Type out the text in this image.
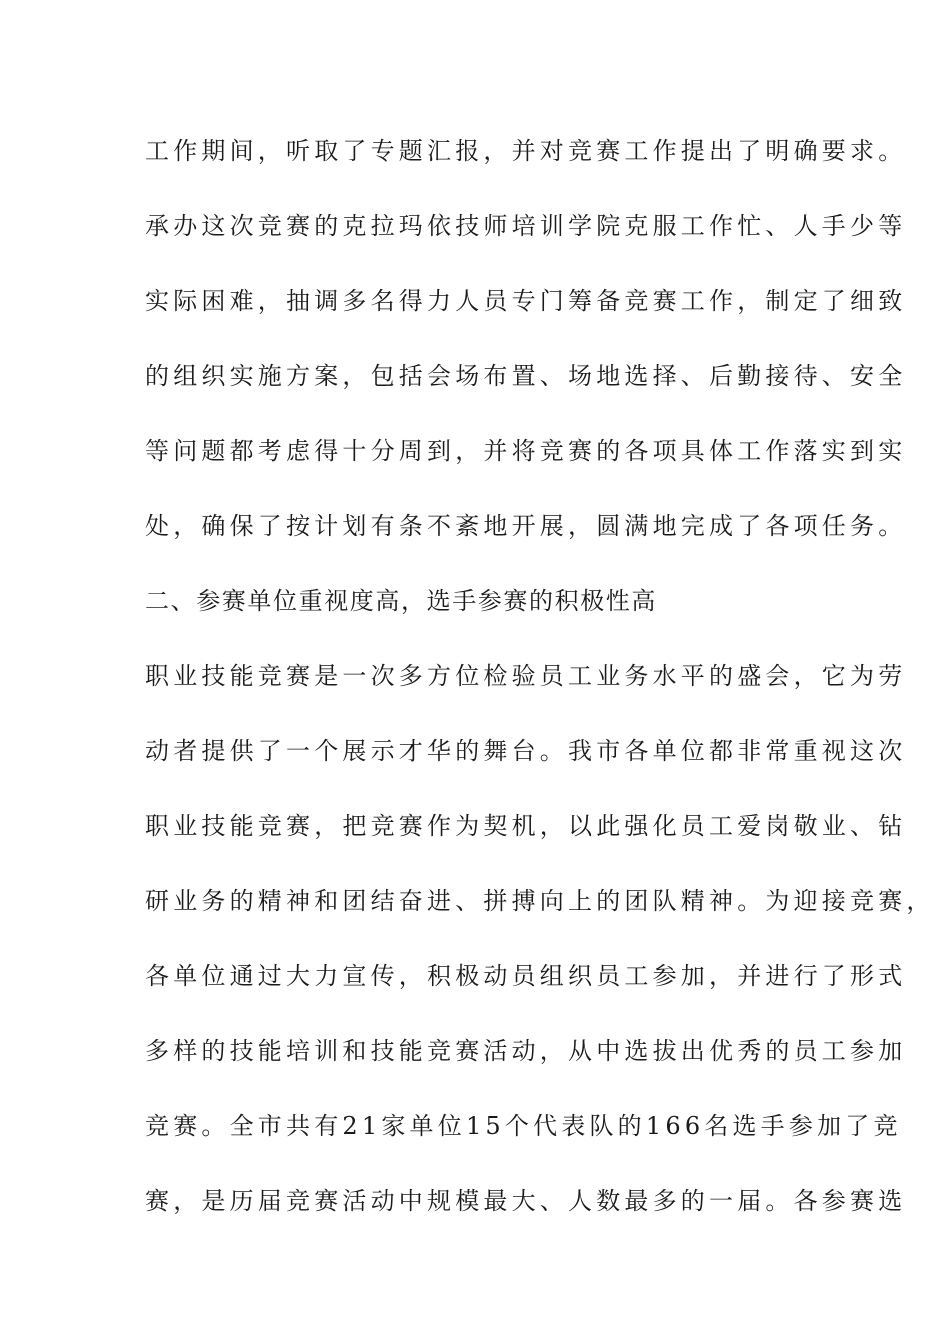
工作期间，听取了专题汇报，并对竞赛工作提出了明确要求。
承办这次竞赛的克拉玛依技师培训学院克服工作忙、人手少等
实际困难，抽调多名得力人员专门筹备竞赛工作，制定了细致
的组织实施方案，包括会场布置、场地选择、后勤接待、安全
等问题都考虑得十分周到，并将竞赛的各项具体工作落实到实
处，确保了按计划有条不紊地开展，圆满地完成了各项任务。
二、参赛单位重视度高，选手参赛的积极性高
职业技能竞赛是一次多方位检验员工业务水平的盛会，它为劳
动者提供了一个展示才华的舞台。我市各单位都非常重视这次
职业技能竞赛，把竞赛作为契机，以此强化员工爱岗敬业、钻
研业务的精神和团结奋进、拼搏向上的团队精神。为迎接竞赛，
各单位通过大力宣传，积极动员组织员工参加，并进行了形式
多样的技能培训和技能竞赛活动，从中选拔出优秀的员工参加
竞赛。全市共有21家单位15个代表队的166名选手参加了竞
赛，是历届竞赛活动中规模最大、人数最多的一届。各参赛选
